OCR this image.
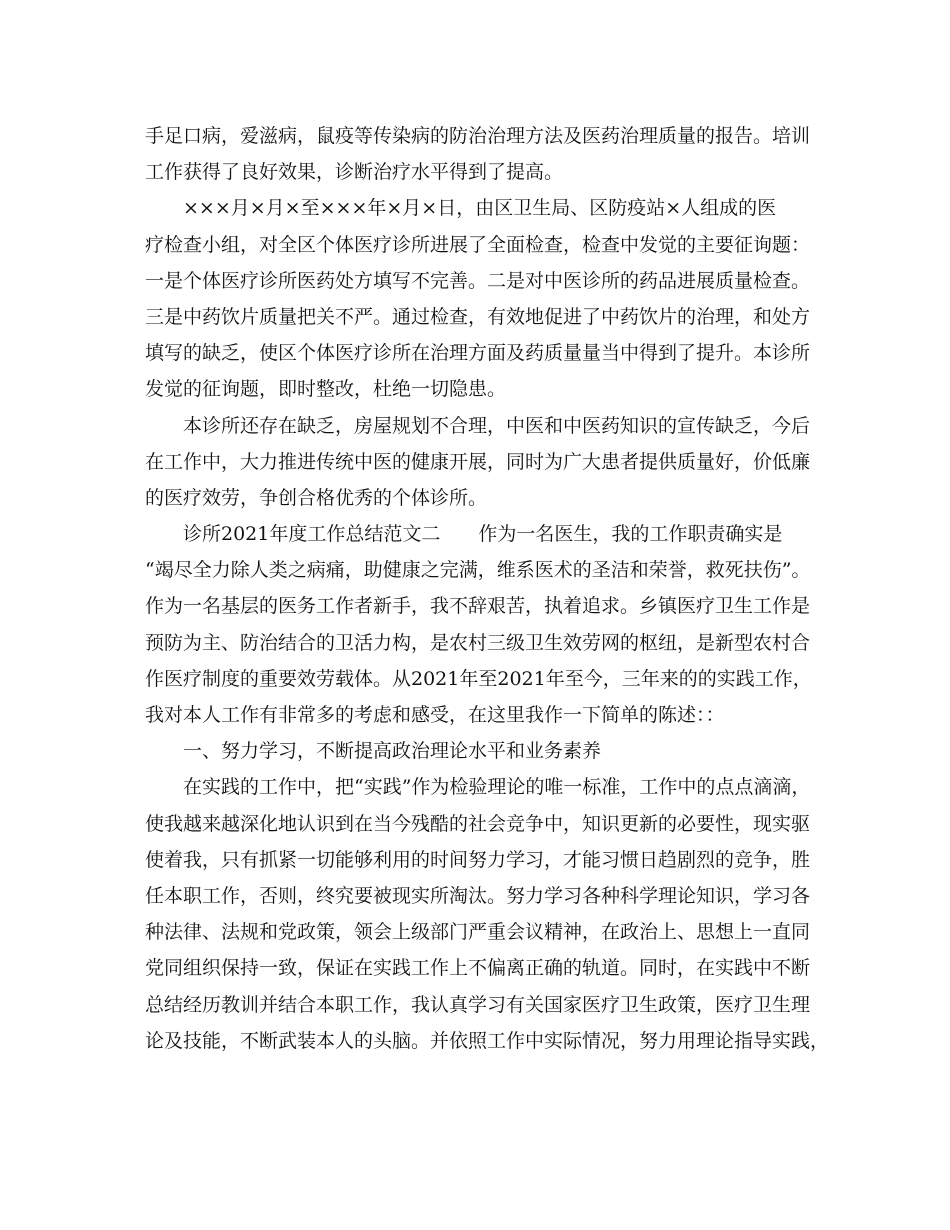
手足口病，爱滋病，鼠疫等传染病的防治治理方法及医药治理质量的报告。培训
工作获得了良好效果，诊断治疗水平得到了提高。
×××月×月×至×××年×月×日，由区卫生局、区防疫站×人组成的医
疗检查小组，对全区个体医疗诊所进展了全面检查，检查中发觉的主要征询题：
一是个体医疗诊所医药处方填写不完善。二是对中医诊所的药品进展质量检查。
三是中药饮片质量把关不严。通过检查，有效地促进了中药饮片的治理，和处方
填写的缺乏，使区个体医疗诊所在治理方面及药质量量当中得到了提升。本诊所
发觉的征询题，即时整改，杜绝一切隐患。
本诊所还存在缺乏，房屋规划不合理，中医和中医药知识的宣传缺乏，今后
在工作中，大力推进传统中医的健康开展，同时为广大患者提供质量好，价低廉
的医疗效劳，争创合格优秀的个体诊所。
诊所2021年度工作总结范文二　　作为一名医生，我的工作职责确实是
“竭尽全力除人类之病痛，助健康之完满，维系医术的圣洁和荣誉，救死扶伤”。
作为一名基层的医务工作者新手，我不辞艰苦，执着追求。乡镇医疗卫生工作是
预防为主、防治结合的卫活力构，是农村三级卫生效劳网的枢纽，是新型农村合
作医疗制度的重要效劳载体。从2021年至2021年至今，三年来的的实践工作，
我对本人工作有非常多的考虑和感受，在这里我作一下简单的陈述：：
一、努力学习，不断提高政治理论水平和业务素养
在实践的工作中，把“实践”作为检验理论的唯一标准，工作中的点点滴滴，
使我越来越深化地认识到在当今残酷的社会竞争中，知识更新的必要性，现实驱
使着我，只有抓紧一切能够利用的时间努力学习，才能习惯日趋剧烈的竞争，胜
任本职工作，否则，终究要被现实所淘汰。努力学习各种科学理论知识，学习各
种法律、法规和党政策，领会上级部门严重会议精神，在政治上、思想上一直同
党同组织保持一致，保证在实践工作上不偏离正确的轨道。同时，在实践中不断
总结经历教训并结合本职工作，我认真学习有关国家医疗卫生政策，医疗卫生理
论及技能，不断武装本人的头脑。并依照工作中实际情况，努力用理论指导实践，
